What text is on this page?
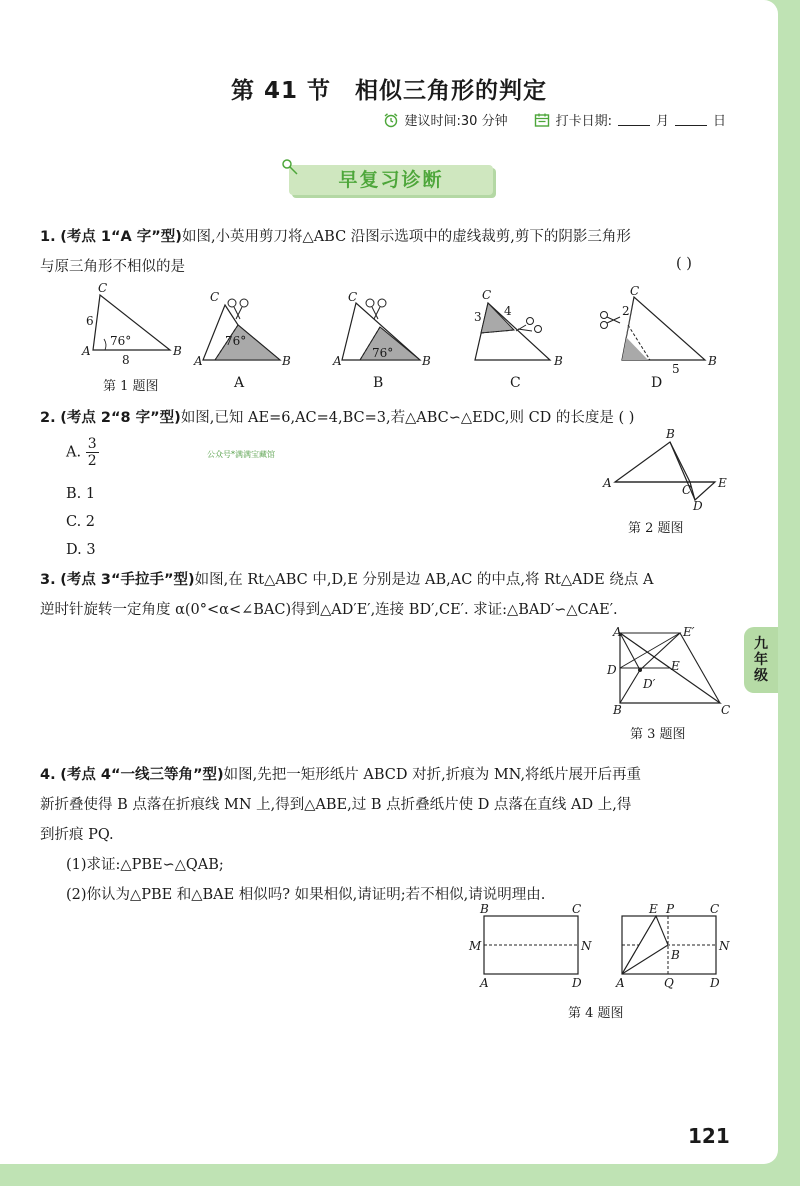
第 41 节 相似三角形的判定
建议时间:30 分钟	打卡日期:	月	日
早复习诊断
1. (考点 1“A 字”型)如图,小英用剪刀将△ABC 沿图示选项中的虚线裁剪,剪下的阴影三角形
与原三角形不相似的是	( )
C
A	B
6
8
76°
C
A	B
76°
C
A	B
76°
C
3 4
B
C
2
5
B
第 1 题图	A	B	C	D
2. (考点 2“8 字”型)如图,已知 AE=6,AC=4,BC=3,若△ABC∽△EDC,则 CD 的长度是 ( )
A. $\frac{3}{2}$	公众号*满满宝藏馆
B. 1
C. 2
D. 3
B
A	C
D
E
第 2 题图
3. (考点 3“手拉手”型)如图,在 Rt△ABC 中,D,E 分别是边 AB,AC 的中点,将 Rt△ADE 绕点 A
逆时针旋转一定角度 α(0°<α<∠BAC)得到△AD′E′,连接 BD′,CE′. 求证:△BAD′∽△CAE′.
A	E′
D	E
D′
B	C
第 3 题图
4. (考点 4“一线三等角”型)如图,先把一矩形纸片 ABCD 对折,折痕为 MN,将纸片展开后再重
新折叠使得 B 点落在折痕线 MN 上,得到△ABE,过 B 点折叠纸片使 D 点落在直线 AD 上,得
到折痕 PQ.
(1)求证:△PBE∽△QAB;
(2)你认为△PBE 和△BAE 相似吗? 如果相似,请证明;若不相似,请说明理由.
B	C
M	N
A	D
E P	C
B
N
A	Q	D
第 4 题图
121
九
年
级
